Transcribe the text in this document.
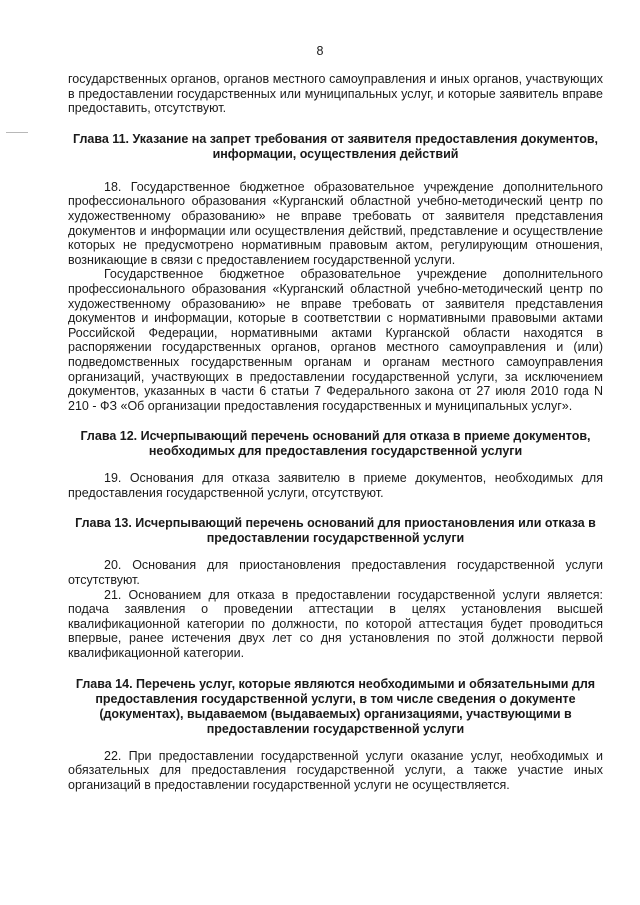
8

государственных органов, органов местного самоуправления и иных органов, участвующих в предоставлении государственных или муниципальных услуг, и которые заявитель вправе предоставить, отсутствуют.

Глава 11. Указание на запрет требования от заявителя предоставления документов, информации, осуществления действий

18. Государственное бюджетное образовательное учреждение дополнительного профессионального образования «Курганский областной учебно-методический центр по художественному образованию» не вправе требовать от заявителя представления документов и информации или осуществления действий, представление и осуществление которых не предусмотрено нормативным правовым актом, регулирующим отношения, возникающие в связи с предоставлением государственной услуги.

Государственное бюджетное образовательное учреждение дополнительного профессионального образования «Курганский областной учебно-методический центр по художественному образованию» не вправе требовать от заявителя представления документов и информации, которые в соответствии с нормативными правовыми актами Российской Федерации, нормативными актами Курганской области находятся в распоряжении государственных органов, органов местного самоуправления и (или) подведомственных государственным органам и органам местного самоуправления организаций, участвующих в предоставлении государственной услуги, за исключением документов, указанных в части 6 статьи 7 Федерального закона от 27 июля 2010 года N 210 - ФЗ «Об организации предоставления государственных и муниципальных услуг».

Глава 12. Исчерпывающий перечень оснований для отказа в приеме документов, необходимых для предоставления государственной услуги

19. Основания для отказа заявителю в приеме документов, необходимых для предоставления государственной услуги, отсутствуют.

Глава 13. Исчерпывающий перечень оснований для приостановления или отказа в предоставлении государственной услуги

20. Основания для приостановления предоставления государственной услуги отсутствуют.

21. Основанием для отказа в предоставлении государственной услуги является: подача заявления о проведении аттестации в целях установления высшей квалификационной категории по должности, по которой аттестация будет проводиться впервые, ранее истечения двух лет со дня установления по этой должности первой квалификационной категории.

Глава 14. Перечень услуг, которые являются необходимыми и обязательными для предоставления государственной услуги, в том числе сведения о документе (документах), выдаваемом (выдаваемых) организациями, участвующими в предоставлении государственной услуги

22. При предоставлении государственной услуги оказание услуг, необходимых и обязательных для предоставления государственной услуги, а также участие иных организаций в предоставлении государственной услуги не осуществляется.
